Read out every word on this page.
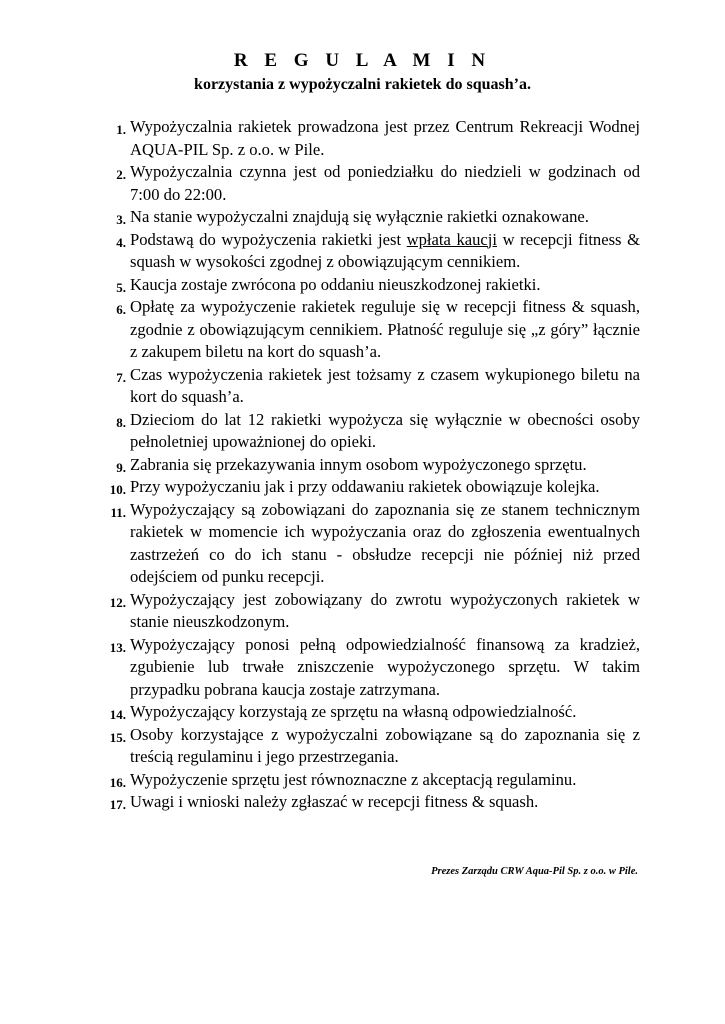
R E G U L A M I N
korzystania z wypożyczalni rakietek do squash’a.
1. Wypożyczalnia rakietek prowadzona jest przez Centrum Rekreacji Wodnej AQUA-PIL Sp. z o.o. w Pile.
2. Wypożyczalnia czynna jest od poniedziałku do niedzieli w godzinach od 7:00 do 22:00.
3. Na stanie wypożyczalni znajdują się wyłącznie rakietki oznakowane.
4. Podstawą do wypożyczenia rakietki jest wpłata kaucji w recepcji fitness & squash w wysokości zgodnej z obowiązującym cennikiem.
5. Kaucja zostaje zwrócona po oddaniu nieuszkodzonej rakietki.
6. Opłatę za wypożyczenie rakietek reguluje się w recepcji fitness & squash, zgodnie z obowiązującym cennikiem. Płatność reguluje się „z góry” łącznie z zakupem biletu na kort do squash’a.
7. Czas wypożyczenia rakietek jest tożsamy z czasem wykupionego biletu na kort do squash’a.
8. Dzieciom do lat 12 rakietki wypożycza się wyłącznie w obecności osoby pełnoletniej upoważnionej do opieki.
9. Zabrania się przekazywania innym osobom wypożyczonego sprzętu.
10. Przy wypożyczaniu jak i przy oddawaniu rakietek obowiązuje kolejka.
11. Wypożyczający są zobowiązani do zapoznania się ze stanem technicznym rakietek w momencie ich wypożyczania oraz do zgłoszenia ewentualnych zastrzeżeń co do ich stanu - obsłudze recepcji nie później niż przed odejściem od punku recepcji.
12. Wypożyczający jest zobowiązany do zwrotu wypożyczonych rakietek w stanie nieuszkodzonym.
13. Wypożyczający ponosi pełną odpowiedzialność finansową za kradzież, zgubienie lub trwałe zniszczenie wypożyczonego sprzętu. W takim przypadku pobrana kaucja zostaje zatrzymana.
14. Wypożyczający korzystają ze sprzętu na własną odpowiedzialność.
15. Osoby korzystające z wypożyczalni zobowiązane są do zapoznania się z treścią regulaminu i jego przestrzegania.
16. Wypożyczenie sprzętu jest równoznaczne z akceptacją regulaminu.
17. Uwagi i wnioski należy zgłaszać w recepcji fitness & squash.
Prezes Zarządu CRW Aqua-Pil Sp. z o.o. w Pile.
